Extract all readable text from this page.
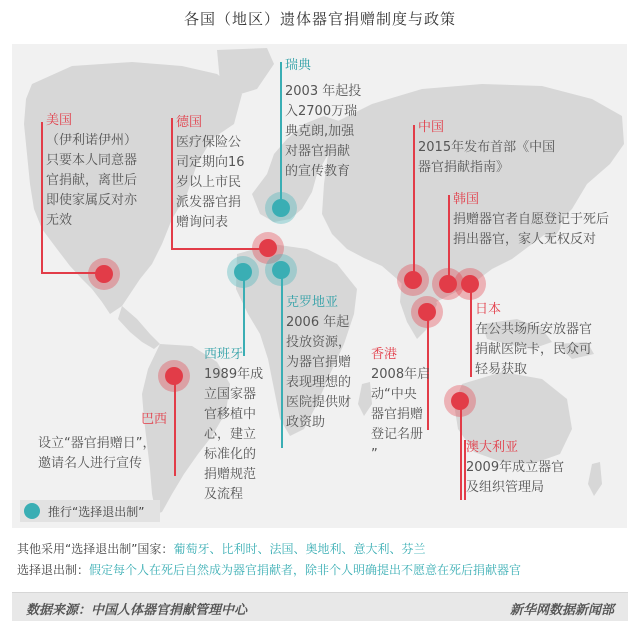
各国（地区）遗体器官捐赠制度与政策
美国
（伊利诺伊州）
只要本人同意器
官捐献，离世后
即使家属反对亦
无效
德国
医疗保险公
司定期向16
岁以上市民
派发器官捐
赠询问表
瑞典
2003 年起投
入2700万瑞
典克朗,加强
对器官捐献
的宣传教育
中国
2015年发布首部《中国
器官捐献指南》
韩国
捐赠器官者自愿登记于死后
捐出器官，家人无权反对
日本
在公共场所安放器官
捐献医院卡，民众可
轻易获取
克罗地亚
2006 年起
投放资源，
为器官捐赠
表现理想的
医院提供财
政资助
西班牙
1989年成
立国家器
官移植中
心，建立
标准化的
捐赠规范
及流程
香港
2008年启
动“中央
器官捐赠
登记名册
”
巴西
设立“器官捐赠日”，
邀请名人进行宣传
澳大利亚
2009年成立器官
及组织管理局
推行“选择退出制”
其他采用“选择退出制”国家：葡萄牙、比利时、法国、奥地利、意大利、芬兰
选择退出制：假定每个人在死后自然成为器官捐献者，除非个人明确提出不愿意在死后捐献器官
数据来源：中国人体器官捐献管理中心	新华网数据新闻部
